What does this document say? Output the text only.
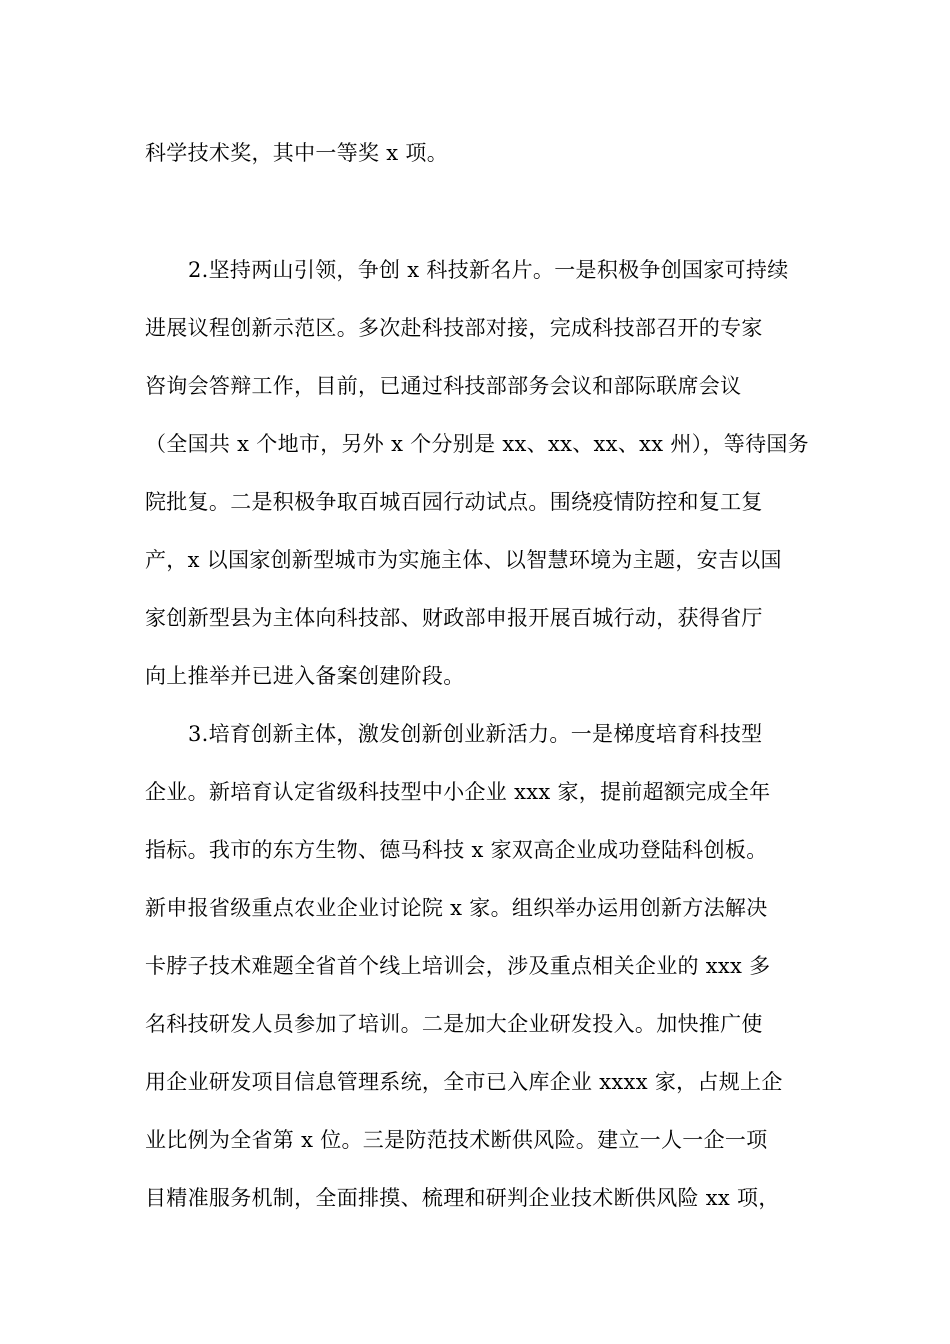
科学技术奖，其中一等奖 x 项。
2.坚持两山引领，争创 x 科技新名片。一是积极争创国家可持续
进展议程创新示范区。多次赴科技部对接，完成科技部召开的专家
咨询会答辩工作，目前，已通过科技部部务会议和部际联席会议
（全国共 x 个地市，另外 x 个分别是 xx、xx、xx、xx 州），等待国务
院批复。二是积极争取百城百园行动试点。围绕疫情防控和复工复
产，x 以国家创新型城市为实施主体、以智慧环境为主题，安吉以国
家创新型县为主体向科技部、财政部申报开展百城行动，获得省厅
向上推举并已进入备案创建阶段。
3.培育创新主体，激发创新创业新活力。一是梯度培育科技型
企业。新培育认定省级科技型中小企业 xxx 家，提前超额完成全年
指标。我市的东方生物、德马科技 x 家双高企业成功登陆科创板。
新申报省级重点农业企业讨论院 x 家。组织举办运用创新方法解决
卡脖子技术难题全省首个线上培训会，涉及重点相关企业的 xxx 多
名科技研发人员参加了培训。二是加大企业研发投入。加快推广使
用企业研发项目信息管理系统，全市已入库企业 xxxx 家，占规上企
业比例为全省第 x 位。三是防范技术断供风险。建立一人一企一项
目精准服务机制，全面排摸、梳理和研判企业技术断供风险 xx 项，
